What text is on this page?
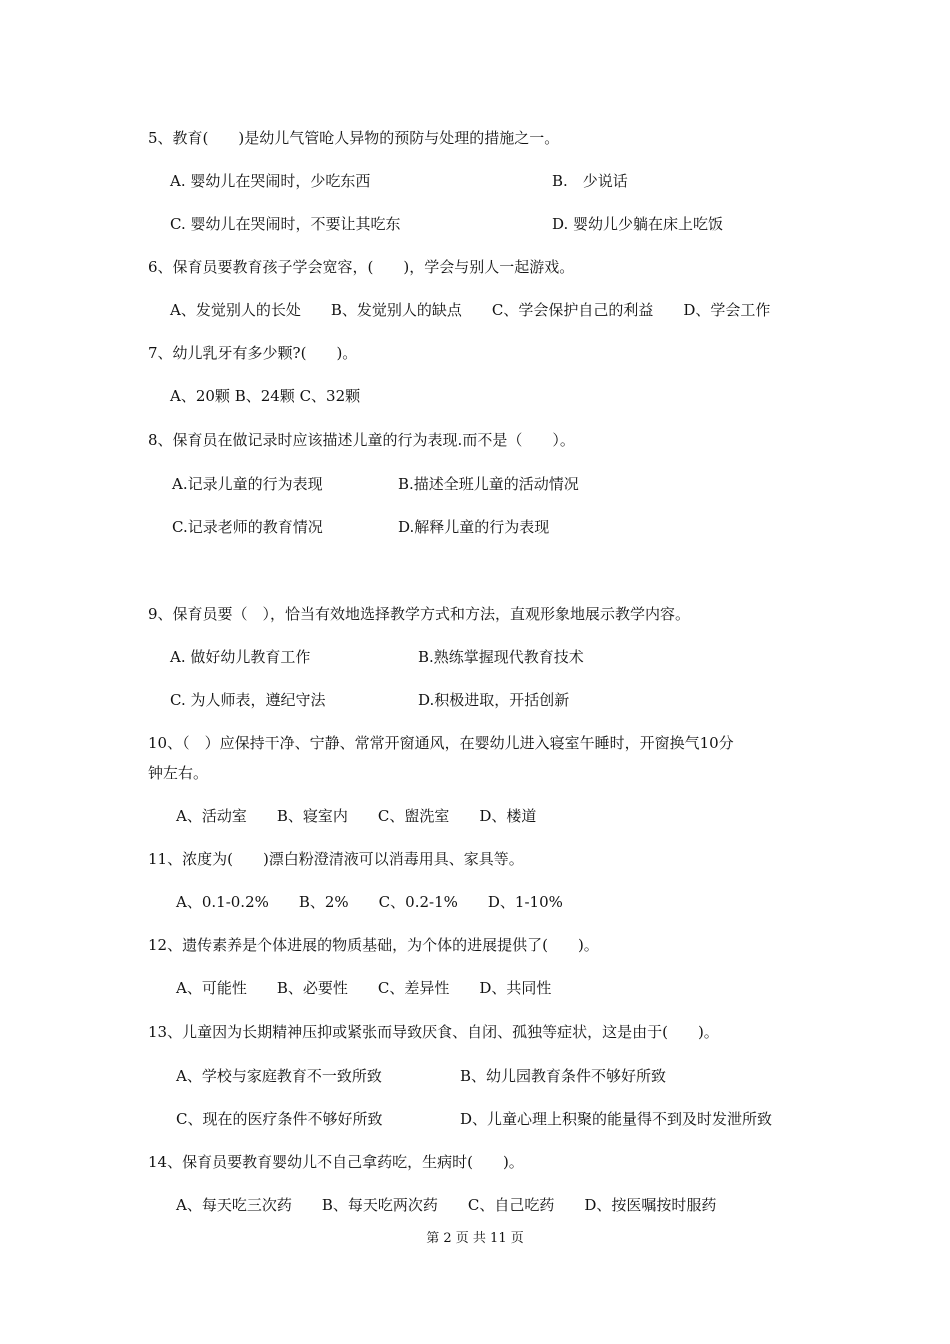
5、教育(　　)是幼儿气管呛人异物的预防与处理的措施之一。
A. 婴幼儿在哭闹时，少吃东西	B.　少说话
C. 婴幼儿在哭闹时，不要让其吃东	D. 婴幼儿少躺在床上吃饭
6、保育员要教育孩子学会宽容，(　　)，学会与别人一起游戏。
A、发觉别人的长处　　B、发觉别人的缺点　　C、学会保护自己的利益　　D、学会工作
7、幼儿乳牙有多少颗?(　　)。
A、20颗 B、24颗 C、32颗
8、保育员在做记录时应该描述儿童的行为表现.而不是（　　）。
A.记录儿童的行为表现	B.描述全班儿童的活动情况
C.记录老师的教育情况	D.解释儿童的行为表现
9、保育员要（　），恰当有效地选择教学方式和方法，直观形象地展示教学内容。
A. 做好幼儿教育工作	B.熟练掌握现代教育技术
C. 为人师表，遵纪守法	D.积极进取，开括创新
10、（　）应保持干净、宁静、常常开窗通风，在婴幼儿进入寝室午睡时，开窗换气10分
钟左右。
A、活动室　　B、寝室内　　C、盥洗室　　D、楼道
11、浓度为(　　)漂白粉澄清液可以消毒用具、家具等。
A、0.1-0.2%　　B、2%　　C、0.2-1%　　D、1-10%
12、遗传素养是个体进展的物质基础，为个体的进展提供了(　　)。
A、可能性　　B、必要性　　C、差异性　　D、共同性
13、儿童因为长期精神压抑或紧张而导致厌食、自闭、孤独等症状，这是由于(　　)。
A、学校与家庭教育不一致所致	B、幼儿园教育条件不够好所致
C、现在的医疗条件不够好所致	D、儿童心理上积聚的能量得不到及时发泄所致
14、保育员要教育婴幼儿不自己拿药吃，生病时(　　)。
A、每天吃三次药　　B、每天吃两次药　　C、自己吃药　　D、按医嘱按时服药
第 2 页 共 11 页
